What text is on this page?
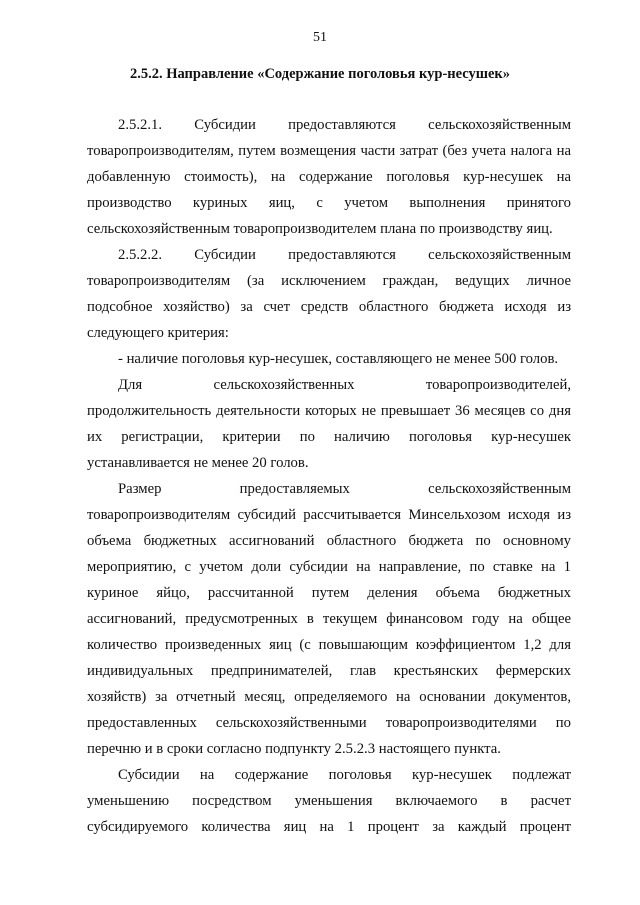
51
2.5.2. Направление «Содержание поголовья кур-несушек»

2.5.2.1. Субсидии предоставляются сельскохозяйственным
товаропроизводителям, путем возмещения части затрат (без учета налога на
добавленную стоимость), на содержание поголовья кур-несушек на
производство куриных яиц, с учетом выполнения принятого
сельскохозяйственным товаропроизводителем плана по производству яиц.

2.5.2.2. Субсидии предоставляются сельскохозяйственным
товаропроизводителям (за исключением граждан, ведущих личное
подсобное хозяйство) за счет средств областного бюджета исходя из
следующего критерия:

- наличие поголовья кур-несушек, составляющего не менее 500 голов.

Для сельскохозяйственных товаропроизводителей,
продолжительность деятельности которых не превышает 36 месяцев со дня
их регистрации, критерии по наличию поголовья кур-несушек
устанавливается не менее 20 голов.

Размер предоставляемых сельскохозяйственным
товаропроизводителям субсидий рассчитывается Минсельхозом исходя из
объема бюджетных ассигнований областного бюджета по основному
мероприятию, с учетом доли субсидии на направление, по ставке на 1
куриное яйцо, рассчитанной путем деления объема бюджетных
ассигнований, предусмотренных в текущем финансовом году на общее
количество произведенных яиц (с повышающим коэффициентом 1,2 для
индивидуальных предпринимателей, глав крестьянских фермерских
хозяйств) за отчетный месяц, определяемого на основании документов,
предоставленных сельскохозяйственными товаропроизводителями по
перечню и в сроки согласно подпункту 2.5.2.3 настоящего пункта.

Субсидии на содержание поголовья кур-несушек подлежат
уменьшению посредством уменьшения включаемого в расчет
субсидируемого количества яиц на 1 процент за каждый процент
